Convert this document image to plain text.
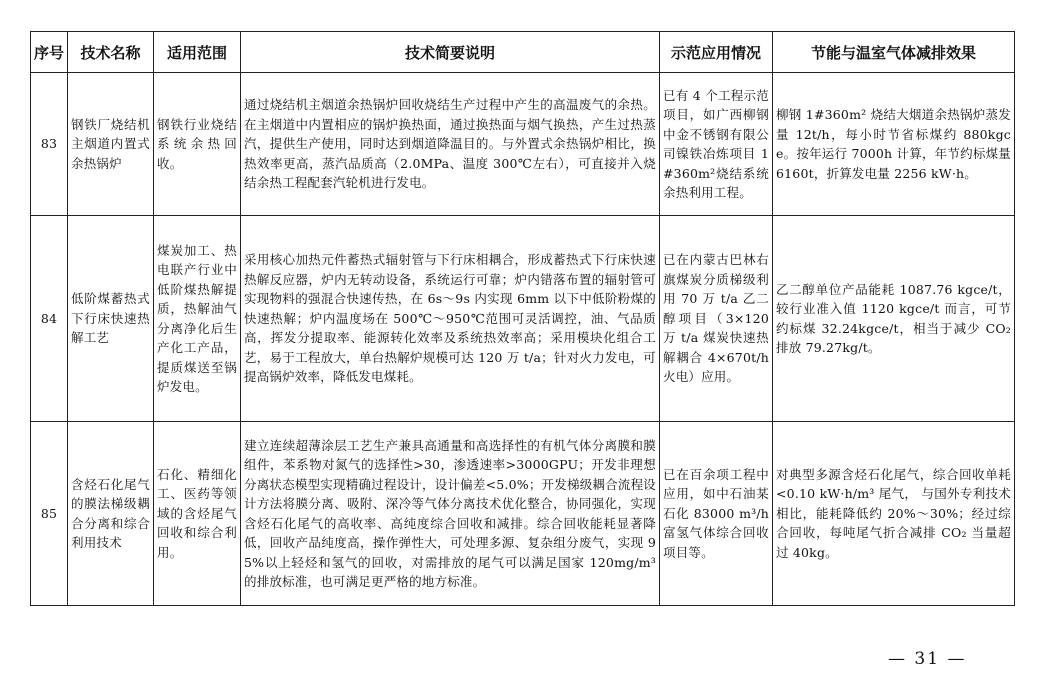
序号	技术名称	适用范围	技术简要说明	示范应用情况	节能与温室气体减排效果
83	钢铁厂烧结机主烟道内置式余热锅炉	钢铁行业烧结系统余热回收。	通过烧结机主烟道余热锅炉回收烧结生产过程中产生的高温废气的余热。在主烟道中内置相应的锅炉换热面，通过换热面与烟气换热，产生过热蒸汽，提供生产使用，同时达到烟道降温目的。与外置式余热锅炉相比，换热效率更高，蒸汽品质高（2.0MPa、温度 300℃左右），可直接并入烧结余热工程配套汽轮机进行发电。	已有 4 个工程示范项目，如广西柳钢中金不锈钢有限公司镍铁冶炼项目 1#360m²烧结系统余热利用工程。	柳钢 1#360m² 烧结大烟道余热锅炉蒸发量 12t/h，每小时节省标煤约 880kgce。按年运行 7000h 计算，年节约标煤量 6160t，折算发电量 2256 kW·h。
84	低阶煤蓄热式下行床快速热解工艺	煤炭加工、热电联产行业中低阶煤热解提质，热解油气分离净化后生产化工产品，提质煤送至锅炉发电。	采用核心加热元件蓄热式辐射管与下行床相耦合，形成蓄热式下行床快速热解反应器，炉内无转动设备，系统运行可靠；炉内错落布置的辐射管可实现物料的强混合快速传热，在 6s～9s 内实现 6mm 以下中低阶粉煤的快速热解；炉内温度场在 500℃～950℃范围可灵活调控，油、气品质高，挥发分提取率、能源转化效率及系统热效率高；采用模块化组合工艺，易于工程放大，单台热解炉规模可达 120 万 t/a；针对火力发电，可提高锅炉效率，降低发电煤耗。	已在内蒙古巴林右旗煤炭分质梯级利用 70 万 t/a 乙二醇项目（3×120 万 t/a 煤炭快速热解耦合 4×670t/h 火电）应用。	乙二醇单位产品能耗 1087.76 kgce/t，较行业准入值 1120 kgce/t 而言，可节约标煤 32.24kgce/t，相当于减少 CO₂ 排放 79.27kg/t。
85	含烃石化尾气的膜法梯级耦合分离和综合利用技术	石化、精细化工、医药等领域的含烃尾气回收和综合利用。	建立连续超薄涂层工艺生产兼具高通量和高选择性的有机气体分离膜和膜组件，苯系物对氮气的选择性>30，渗透速率>3000GPU；开发非理想分离状态模型实现精确过程设计，设计偏差<5.0%；开发梯级耦合流程设计方法将膜分离、吸附、深冷等气体分离技术优化整合，协同强化，实现含烃石化尾气的高收率、高纯度综合回收和减排。综合回收能耗显著降低，回收产品纯度高，操作弹性大，可处理多源、复杂组分废气，实现 95%以上轻烃和氢气的回收，对需排放的尾气可以满足国家 120mg/m³ 的排放标准，也可满足更严格的地方标准。	已在百余项工程中应用，如中石油某石化 83000 m³/h 富氢气体综合回收项目等。	对典型多源含烃石化尾气，综合回收单耗<0.10 kW·h/m³ 尾气， 与国外专利技术相比，能耗降低约 20%～30%；经过综合回收，每吨尾气折合减排 CO₂ 当量超过 40kg。
— 31 —
